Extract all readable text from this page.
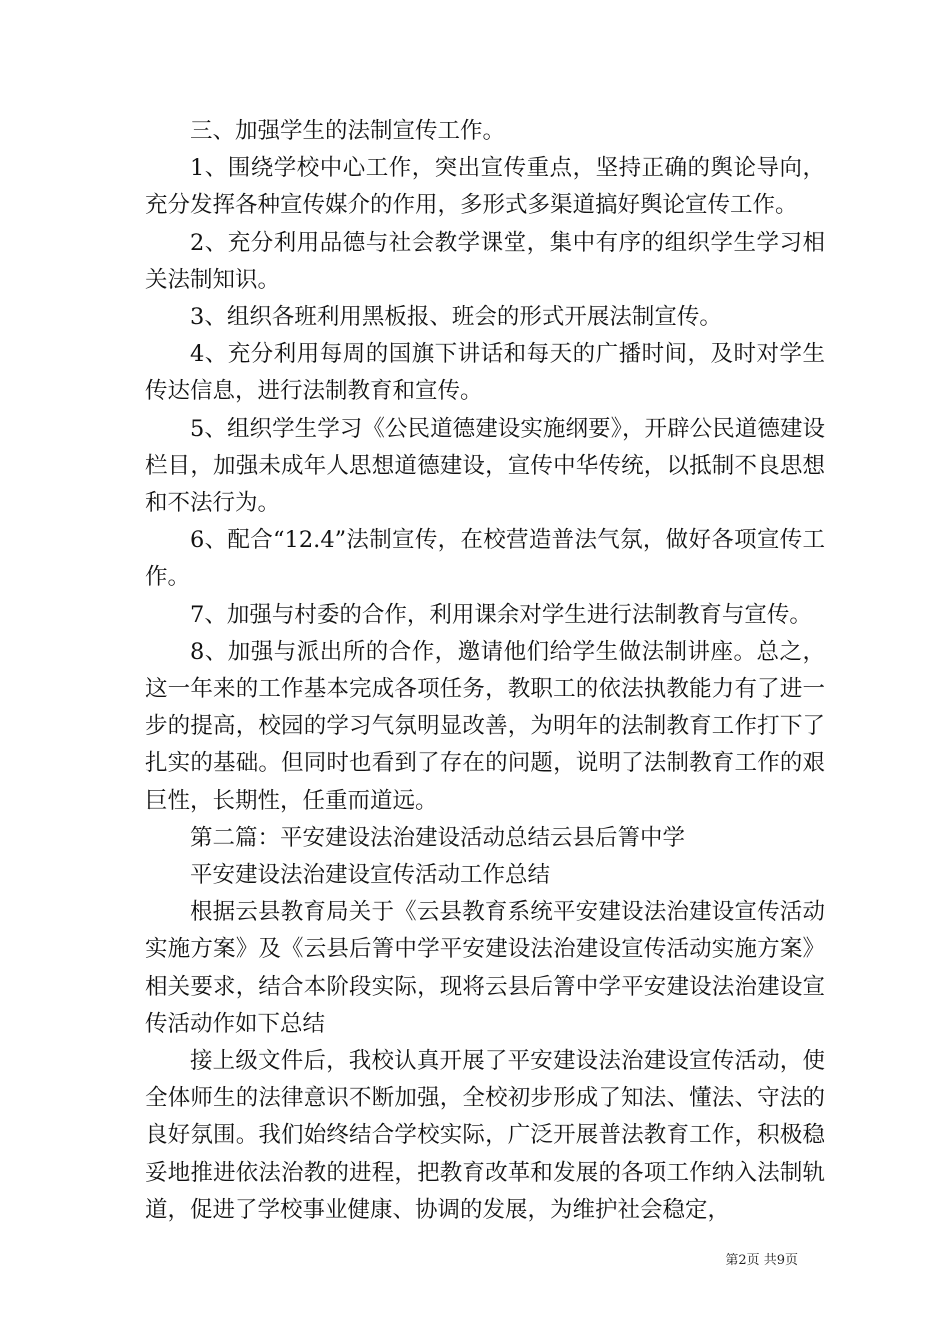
三、加强学生的法制宣传工作。

1、围绕学校中心工作，突出宣传重点，坚持正确的舆论导向，充分发挥各种宣传媒介的作用，多形式多渠道搞好舆论宣传工作。

2、充分利用品德与社会教学课堂，集中有序的组织学生学习相关法制知识。

3、组织各班利用黑板报、班会的形式开展法制宣传。

4、充分利用每周的国旗下讲话和每天的广播时间，及时对学生传达信息，进行法制教育和宣传。

5、组织学生学习《公民道德建设实施纲要》，开辟公民道德建设栏目，加强未成年人思想道德建设，宣传中华传统，以抵制不良思想和不法行为。

6、配合“12.4”法制宣传，在校营造普法气氛，做好各项宣传工作。

7、加强与村委的合作，利用课余对学生进行法制教育与宣传。

8、加强与派出所的合作，邀请他们给学生做法制讲座。总之，这一年来的工作基本完成各项任务，教职工的依法执教能力有了进一步的提高，校园的学习气氛明显改善，为明年的法制教育工作打下了扎实的基础。但同时也看到了存在的问题，说明了法制教育工作的艰巨性，长期性，任重而道远。

第二篇：平安建设法治建设活动总结云县后箐中学

平安建设法治建设宣传活动工作总结

根据云县教育局关于《云县教育系统平安建设法治建设宣传活动实施方案》及《云县后箐中学平安建设法治建设宣传活动实施方案》相关要求，结合本阶段实际，现将云县后箐中学平安建设法治建设宣传活动作如下总结

接上级文件后，我校认真开展了平安建设法治建设宣传活动，使全体师生的法律意识不断加强，全校初步形成了知法、懂法、守法的良好氛围。我们始终结合学校实际，广泛开展普法教育工作，积极稳妥地推进依法治教的进程，把教育改革和发展的各项工作纳入法制轨道，促进了学校事业健康、协调的发展，为维护社会稳定，

第2页 共9页
